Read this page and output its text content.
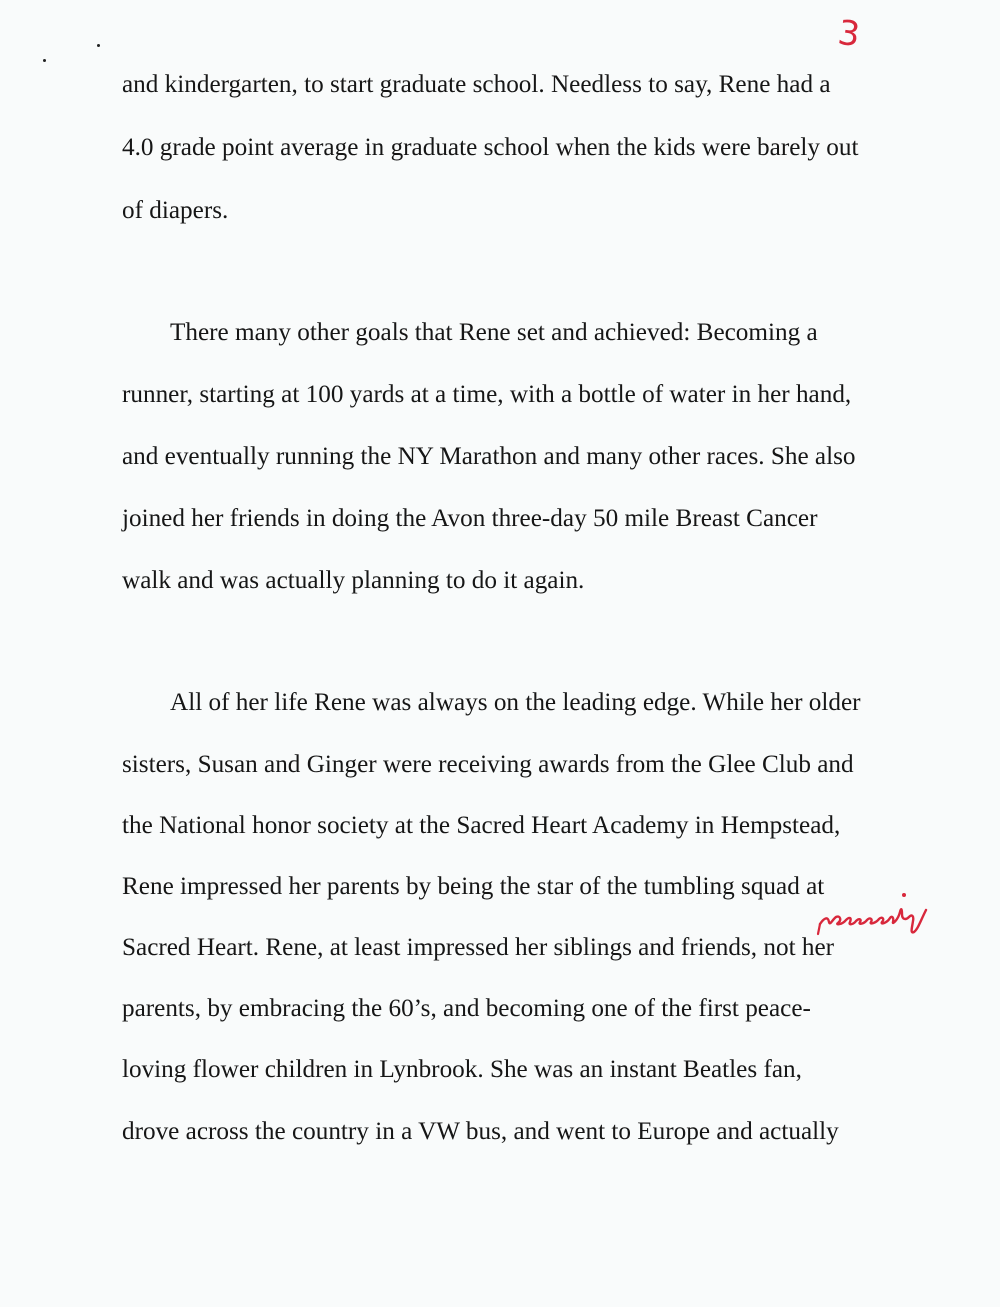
3
and kindergarten, to start graduate school. Needless to say, Rene had a
4.0 grade point average in graduate school when the kids were barely out
of diapers.
There many other goals that Rene set and achieved: Becoming a
runner, starting at 100 yards at a time, with a bottle of water in her hand,
and eventually running the NY Marathon and many other races. She also
joined her friends in doing the Avon three-day 50 mile Breast Cancer
walk and was actually planning to do it again.
All of her life Rene was always on the leading edge. While her older
sisters, Susan and Ginger were receiving awards from the Glee Club and
the National honor society at the Sacred Heart Academy in Hempstead,
Rene impressed her parents by being the star of the tumbling squad at
Sacred Heart. Rene, at least impressed her siblings and friends, not her
parents, by embracing the 60’s, and becoming one of the first peace-
loving flower children in Lynbrook. She was an instant Beatles fan,
drove across the country in a VW bus, and went to Europe and actually
